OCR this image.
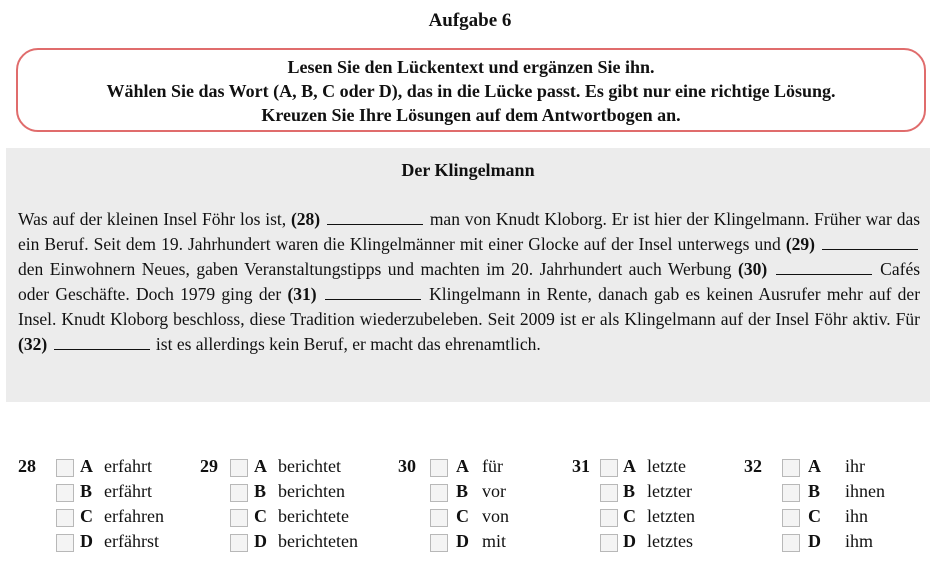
Aufgabe 6
Lesen Sie den Lückentext und ergänzen Sie ihn.
Wählen Sie das Wort (A, B, C oder D), das in die Lücke passt. Es gibt nur eine richtige Lösung.
Kreuzen Sie Ihre Lösungen auf dem Antwortbogen an.
Der Klingelmann
Was auf der kleinen Insel Föhr los ist, (28)	man von Knudt Kloborg. Er ist hier der Klingelmann. Früher war das ein Beruf. Seit dem 19. Jahrhundert waren die Klingelmänner mit einer Glocke auf der Insel unterwegs und (29)  den Einwohnern Neues, gaben Veranstaltungstipps und machten im 20. Jahrhundert auch Werbung (30)	Cafés oder Geschäfte. Doch 1979 ging der (31)	Klingelmann in Rente, danach gab es keinen Ausrufer mehr auf der Insel. Knudt Kloborg beschloss, diese Tradition wiederzubeleben. Seit 2009 ist er als Klingelmann auf der Insel Föhr aktiv. Für (32)	ist es allerdings kein Beruf, er macht das ehrenamtlich.
28 A erfahrt
B erfährt
C erfahren
D erfährst
29 A berichtet
B berichten
C berichtete
D berichteten
30 A für
B vor
C von
D mit
31 A letzte
B letzter
C letzten
D letztes
32	A ihr
B ihnen
C ihn
D ihm
